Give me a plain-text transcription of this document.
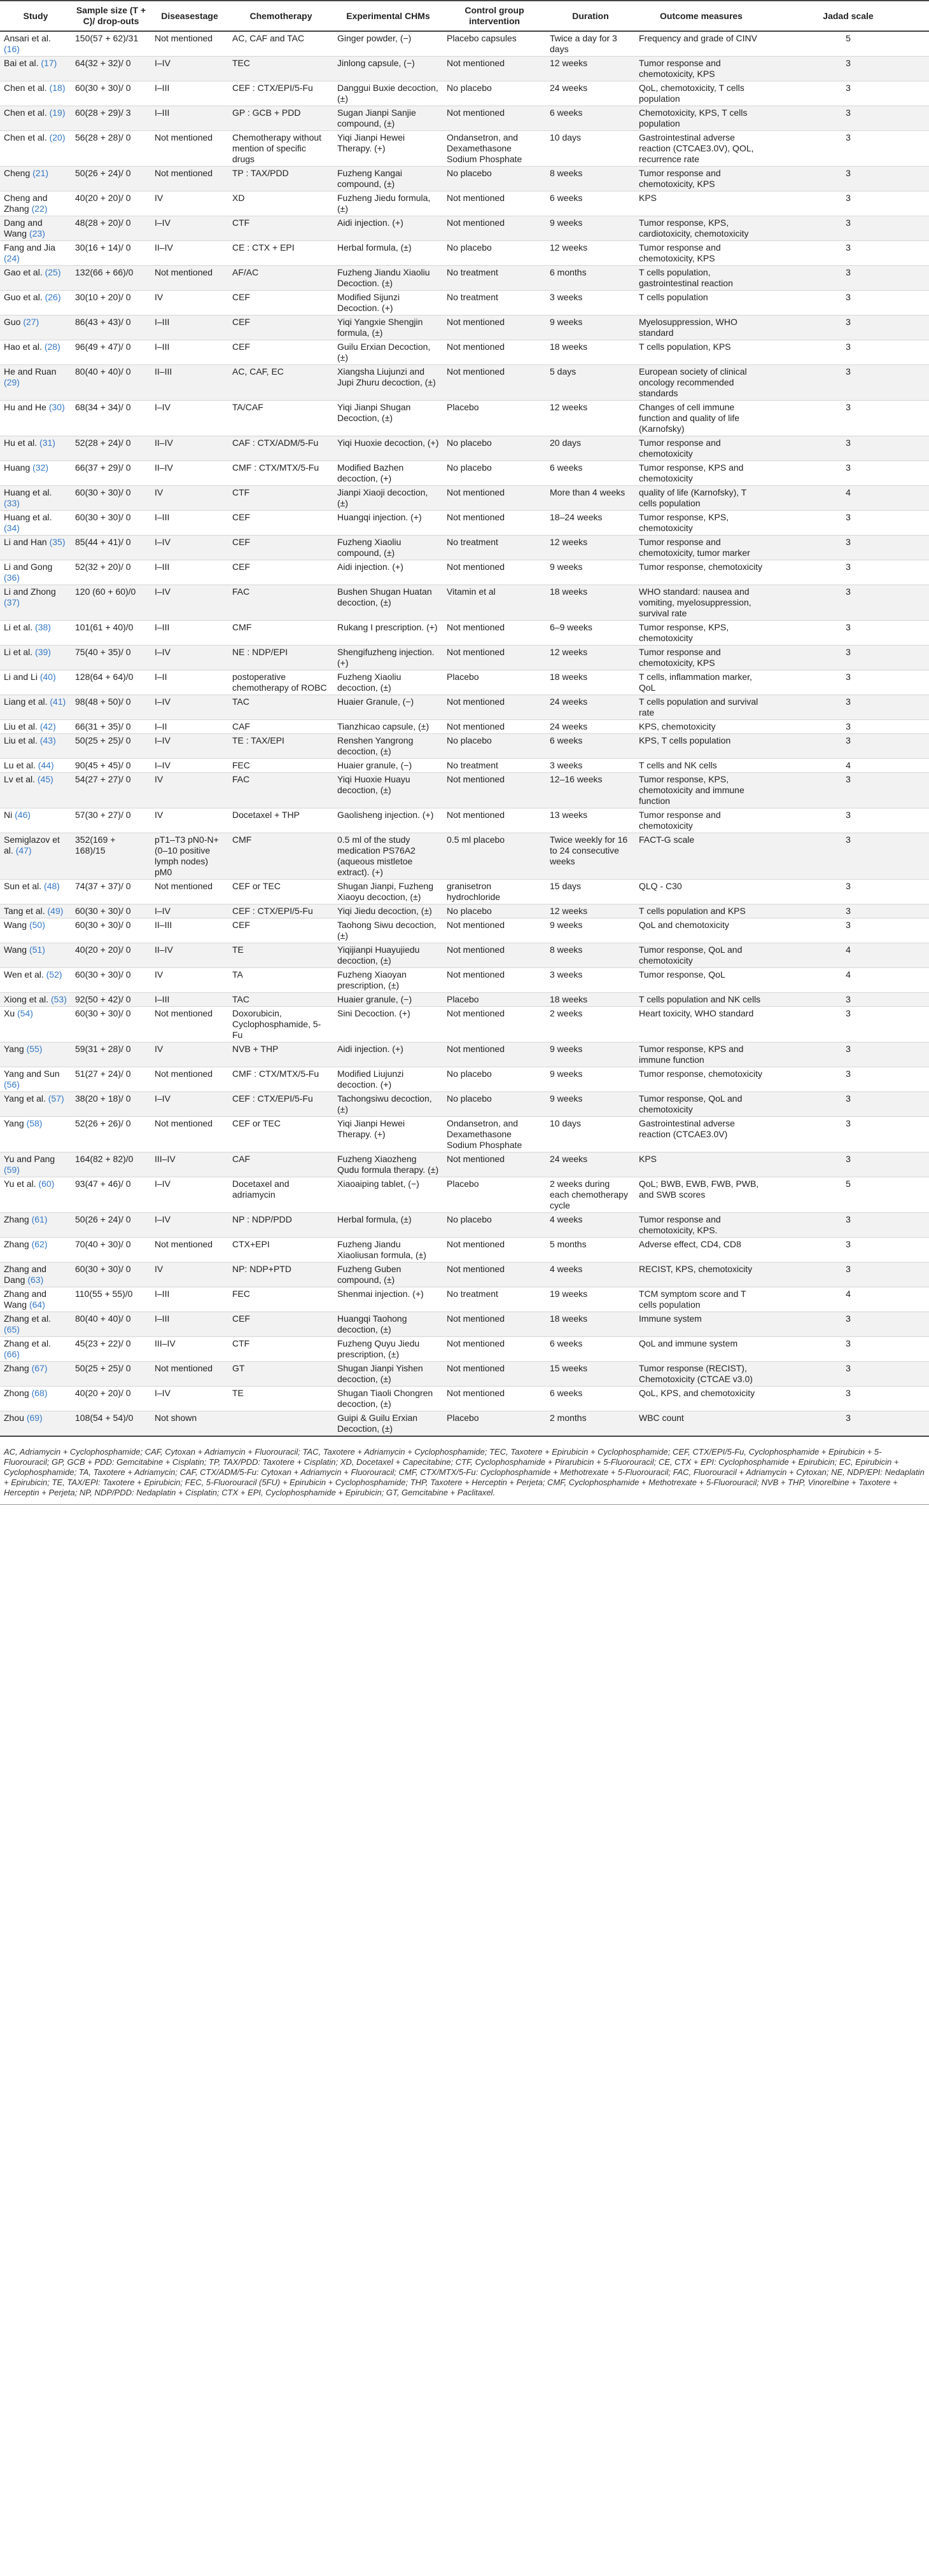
Study	Sample size (T + C)/ drop-outs	Diseasestage	Chemotherapy	Experimental CHMs	Control group intervention	Duration	Outcome measures	Jadad scale
Ansari et al. (16)	150(57 + 62)/31	Not mentioned	AC, CAF and TAC	Ginger powder, (−)	Placebo capsules	Twice a day for 3 days	Frequency and grade of CINV	5
Bai et al. (17)	64(32 + 32)/ 0	I–IV	TEC	Jinlong capsule, (−)	Not mentioned	12 weeks	Tumor response and chemotoxicity, KPS	3
Chen et al. (18)	60(30 + 30)/ 0	I–III	CEF : CTX/EPI/5-Fu	Danggui Buxie decoction, (±)	No placebo	24 weeks	QoL, chemotoxicity, T cells population	3
Chen et al. (19)	60(28 + 29)/ 3	I–III	GP : GCB + PDD	Sugan Jianpi Sanjie compound, (±)	Not mentioned	6 weeks	Chemotoxicity, KPS, T cells population	3
Chen et al. (20)	56(28 + 28)/ 0	Not mentioned	Chemotherapy without mention of specific drugs	Yiqi Jianpi Hewei Therapy. (+)	Ondansetron, and Dexamethasone Sodium Phosphate	10 days	Gastrointestinal adverse reaction (CTCAE3.0V), QOL, recurrence rate	3
Cheng (21)	50(26 + 24)/ 0	Not mentioned	TP : TAX/PDD	Fuzheng Kangai compound, (±)	No placebo	8 weeks	Tumor response and chemotoxicity, KPS	3
Cheng and Zhang (22)	40(20 + 20)/ 0	IV	XD	Fuzheng Jiedu formula, (±)	Not mentioned	6 weeks	KPS	3
Dang and Wang (23)	48(28 + 20)/ 0	I–IV	CTF	Aidi injection. (+)	Not mentioned	9 weeks	Tumor response, KPS, cardiotoxicity, chemotoxicity	3
Fang and Jia (24)	30(16 + 14)/ 0	II–IV	CE : CTX + EPI	Herbal formula, (±)	No placebo	12 weeks	Tumor response and chemotoxicity, KPS	3
Gao et al. (25)	132(66 + 66)/0	Not mentioned	AF/AC	Fuzheng Jiandu Xiaoliu Decoction. (±)	No treatment	6 months	T cells population, gastrointestinal reaction	3
Guo et al. (26)	30(10 + 20)/ 0	IV	CEF	Modified Sijunzi Decoction. (+)	No treatment	3 weeks	T cells population	3
Guo (27)	86(43 + 43)/ 0	I–III	CEF	Yiqi Yangxie Shengjin formula, (±)	Not mentioned	9 weeks	Myelosuppression, WHO standard	3
Hao et al. (28)	96(49 + 47)/ 0	I–III	CEF	Guilu Erxian Decoction, (±)	Not mentioned	18 weeks	T cells population, KPS	3
He and Ruan (29)	80(40 + 40)/ 0	II–III	AC, CAF, EC	Xiangsha Liujunzi and Jupi Zhuru decoction, (±)	Not mentioned	5 days	European society of clinical oncology recommended standards	3
Hu and He (30)	68(34 + 34)/ 0	I–IV	TA/CAF	Yiqi Jianpi Shugan Decoction, (±)	Placebo	12 weeks	Changes of cell immune function and quality of life (Karnofsky)	3
Hu et al. (31)	52(28 + 24)/ 0	II–IV	CAF : CTX/ADM/5-Fu	Yiqi Huoxie decoction, (+)	No placebo	20 days	Tumor response and chemotoxicity	3
Huang (32)	66(37 + 29)/ 0	II–IV	CMF : CTX/MTX/5-Fu	Modified Bazhen decoction, (+)	No placebo	6 weeks	Tumor response, KPS and chemotoxicity	3
Huang et al. (33)	60(30 + 30)/ 0	IV	CTF	Jianpi Xiaoji decoction, (±)	Not mentioned	More than 4 weeks	quality of life (Karnofsky), T cells population	4
Huang et al. (34)	60(30 + 30)/ 0	I–III	CEF	Huangqi injection. (+)	Not mentioned	18–24 weeks	Tumor response, KPS, chemotoxicity	3
Li and Han (35)	85(44 + 41)/ 0	I–IV	CEF	Fuzheng Xiaoliu compound, (±)	No treatment	12 weeks	Tumor response and chemotoxicity, tumor marker	3
Li and Gong (36)	52(32 + 20)/ 0	I–III	CEF	Aidi injection. (+)	Not mentioned	9 weeks	Tumor response, chemotoxicity	3
Li and Zhong (37)	120 (60 + 60)/0	I–IV	FAC	Bushen Shugan Huatan decoction, (±)	Vitamin et al	18 weeks	WHO standard: nausea and vomiting, myelosuppression, survival rate	3
Li et al. (38)	101(61 + 40)/0	I–III	CMF	Rukang I prescription. (+)	Not mentioned	6–9 weeks	Tumor response, KPS, chemotoxicity	3
Li et al. (39)	75(40 + 35)/ 0	I–IV	NE : NDP/EPI	Shengifuzheng injection. (+)	Not mentioned	12 weeks	Tumor response and chemotoxicity, KPS	3
Li and Li (40)	128(64 + 64)/0	I–II	postoperative chemotherapy of ROBC	Fuzheng Xiaoliu decoction, (±)	Placebo	18 weeks	T cells, inflammation marker, QoL	3
Liang et al. (41)	98(48 + 50)/ 0	I–IV	TAC	Huaier Granule, (−)	Not mentioned	24 weeks	T cells population and survival rate	3
Liu et al. (42)	66(31 + 35)/ 0	I–II	CAF	Tianzhicao capsule, (±)	Not mentioned	24 weeks	KPS, chemotoxicity	3
Liu et al. (43)	50(25 + 25)/ 0	I–IV	TE : TAX/EPI	Renshen Yangrong decoction, (±)	No placebo	6 weeks	KPS, T cells population	3
Lu et al. (44)	90(45 + 45)/ 0	I–IV	FEC	Huaier granule, (−)	No treatment	3 weeks	T cells and NK cells	4
Lv et al. (45)	54(27 + 27)/ 0	IV	FAC	Yiqi Huoxie Huayu decoction, (±)	Not mentioned	12–16 weeks	Tumor response, KPS, chemotoxicity and immune function	3
Ni (46)	57(30 + 27)/ 0	IV	Docetaxel + THP	Gaolisheng injection. (+)	Not mentioned	13 weeks	Tumor response and chemotoxicity	3
Semiglazov et al. (47)	352(169 + 168)/15	pT1–T3 pN0-N+ (0–10 positive lymph nodes) pM0	CMF	0.5 ml of the study medication PS76A2 (aqueous mistletoe extract). (+)	0.5 ml placebo	Twice weekly for 16 to 24 consecutive weeks	FACT-G scale	3
Sun et al. (48)	74(37 + 37)/ 0	Not mentioned	CEF or TEC	Shugan Jianpi, Fuzheng Xiaoyu decoction, (±)	granisetron hydrochloride	15 days	QLQ - C30	3
Tang et al. (49)	60(30 + 30)/ 0	I–IV	CEF : CTX/EPI/5-Fu	Yiqi Jiedu decoction, (±)	No placebo	12 weeks	T cells population and KPS	3
Wang (50)	60(30 + 30)/ 0	II–III	CEF	Taohong Siwu decoction, (±)	Not mentioned	9 weeks	QoL and chemotoxicity	3
Wang (51)	40(20 + 20)/ 0	II–IV	TE	Yiqijianpi Huayujiedu decoction, (±)	Not mentioned	8 weeks	Tumor response, QoL and chemotoxicity	4
Wen et al. (52)	60(30 + 30)/ 0	IV	TA	Fuzheng Xiaoyan prescription, (±)	Not mentioned	3 weeks	Tumor response, QoL	4
Xiong et al. (53)	92(50 + 42)/ 0	I–III	TAC	Huaier granule, (−)	Placebo	18 weeks	T cells population and NK cells	3
Xu (54)	60(30 + 30)/ 0	Not mentioned	Doxorubicin, Cyclophosphamide, 5-Fu	Sini Decoction. (+)	Not mentioned	2 weeks	Heart toxicity, WHO standard	3
Yang (55)	59(31 + 28)/ 0	IV	NVB + THP	Aidi injection. (+)	Not mentioned	9 weeks	Tumor response, KPS and immune function	3
Yang and Sun (56)	51(27 + 24)/ 0	Not mentioned	CMF : CTX/MTX/5-Fu	Modified Liujunzi decoction. (+)	No placebo	9 weeks	Tumor response, chemotoxicity	3
Yang et al. (57)	38(20 + 18)/ 0	I–IV	CEF : CTX/EPI/5-Fu	Tachongsiwu decoction, (±)	No placebo	9 weeks	Tumor response, QoL and chemotoxicity	3
Yang (58)	52(26 + 26)/ 0	Not mentioned	CEF or TEC	Yiqi Jianpi Hewei Therapy. (+)	Ondansetron, and Dexamethasone Sodium Phosphate	10 days	Gastrointestinal adverse reaction (CTCAE3.0V)	3
Yu and Pang (59)	164(82 + 82)/0	III–IV	CAF	Fuzheng Xiaozheng Qudu formula therapy. (±)	Not mentioned	24 weeks	KPS	3
Yu et al. (60)	93(47 + 46)/ 0	I–IV	Docetaxel and adriamycin	Xiaoaiping tablet, (−)	Placebo	2 weeks during each chemotherapy cycle	QoL; BWB, EWB, FWB, PWB, and SWB scores	5
Zhang (61)	50(26 + 24)/ 0	I–IV	NP : NDP/PDD	Herbal formula, (±)	No placebo	4 weeks	Tumor response and chemotoxicity, KPS.	3
Zhang (62)	70(40 + 30)/ 0	Not mentioned	CTX+EPI	Fuzheng Jiandu Xiaoliusan formula, (±)	Not mentioned	5 months	Adverse effect, CD4, CD8	3
Zhang and Dang (63)	60(30 + 30)/ 0	IV	NP: NDP+PTD	Fuzheng Guben compound, (±)	Not mentioned	4 weeks	RECIST, KPS, chemotoxicity	3
Zhang and Wang (64)	110(55 + 55)/0	I–III	FEC	Shenmai injection. (+)	No treatment	19 weeks	TCM symptom score and T cells population	4
Zhang et al. (65)	80(40 + 40)/ 0	I–III	CEF	Huangqi Taohong decoction, (±)	Not mentioned	18 weeks	Immune system	3
Zhang et al. (66)	45(23 + 22)/ 0	III–IV	CTF	Fuzheng Quyu Jiedu prescription, (±)	Not mentioned	6 weeks	QoL and immune system	3
Zhang (67)	50(25 + 25)/ 0	Not mentioned	GT	Shugan Jianpi Yishen decoction, (±)	Not mentioned	15 weeks	Tumor response (RECIST), Chemotoxicity (CTCAE v3.0)	3
Zhong (68)	40(20 + 20)/ 0	I–IV	TE	Shugan Tiaoli Chongren decoction, (±)	Not mentioned	6 weeks	QoL, KPS, and chemotoxicity	3
Zhou (69)	108(54 + 54)/0	Not shown		Guipi & Guilu Erxian Decoction, (±)	Placebo	2 months	WBC count	3
AC, Adriamycin + Cyclophosphamide; CAF, Cytoxan + Adriamycin + Fluorouracil; TAC, Taxotere + Adriamycin + Cyclophosphamide; TEC, Taxotere + Epirubicin + Cyclophosphamide; CEF, CTX/EPI/5-Fu, Cyclophosphamide + Epirubicin + 5-Fluorouracil; GP, GCB + PDD: Gemcitabine + Cisplatin; TP, TAX/PDD: Taxotere + Cisplatin; XD, Docetaxel + Capecitabine; CTF, Cyclophosphamide + Pirarubicin + 5-Fluorouracil; CE, CTX + EPI: Cyclophosphamide + Epirubicin; EC, Epirubicin + Cyclophosphamide; TA, Taxotere + Adriamycin; CAF, CTX/ADM/5-Fu: Cytoxan + Adriamycin + Fluorouracil; CMF, CTX/MTX/5-Fu: Cyclophosphamide + Methotrexate + 5-Fluorouracil; FAC, Fluorouracil + Adriamycin + Cytoxan; NE, NDP/EPI: Nedaplatin + Epirubicin; TE, TAX/EPI: Taxotere + Epirubicin; FEC, 5-Fluorouracil (5FU) + Epirubicin + Cyclophosphamide; THP, Taxotere + Herceptin + Perjeta; CMF, Cyclophosphamide + Methotrexate + 5-Fluorouracil; NVB + THP, Vinorelbine + Taxotere + Herceptin + Perjeta; NP, NDP/PDD: Nedaplatin + Cisplatin; CTX + EPI, Cyclophosphamide + Epirubicin; GT, Gemcitabine + Paclitaxel.
